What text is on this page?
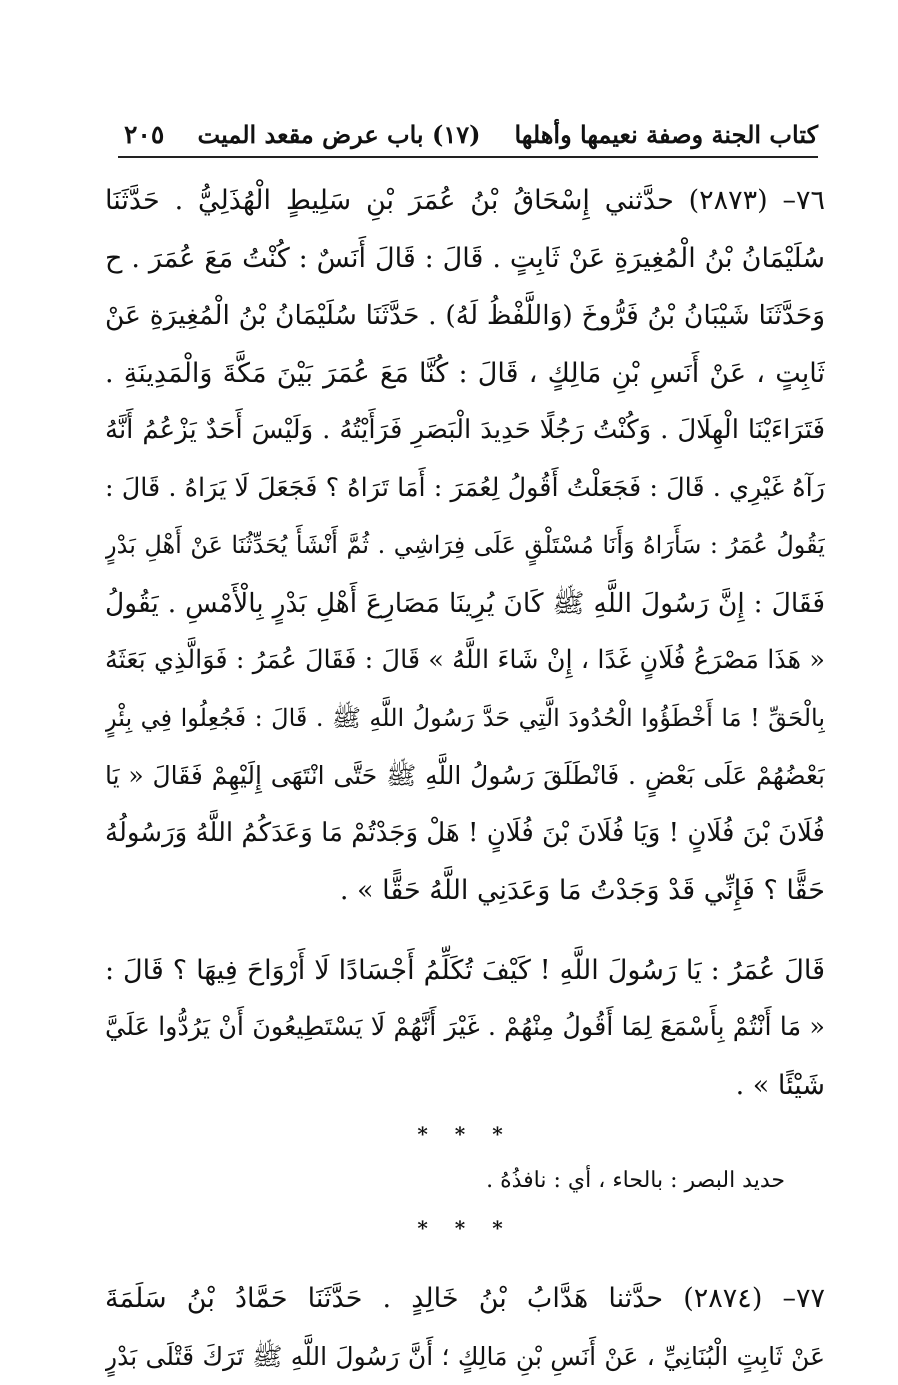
كتاب الجنة وصفة نعيمها وأهلها
(١٧) باب عرض مقعد الميت
٢٠٥
٧٦– (٢٨٧٣) حدَّثني إِسْحَاقُ بْنُ عُمَرَ بْنِ سَلِيطٍ الْهُذَلِيُّ . حَدَّثَنَا
سُلَيْمَانُ بْنُ الْمُغِيرَةِ عَنْ ثَابِتٍ . قَالَ : قَالَ أَنَسٌ : كُنْتُ مَعَ عُمَرَ . ح
وَحَدَّثَنَا شَيْبَانُ بْنُ فَرُّوخَ (وَاللَّفْظُ لَهُ) . حَدَّثَنَا سُلَيْمَانُ بْنُ الْمُغِيرَةِ عَنْ
ثَابِتٍ ، عَنْ أَنَسِ بْنِ مَالِكٍ ، قَالَ : كُنَّا مَعَ عُمَرَ بَيْنَ مَكَّةَ وَالْمَدِينَةِ .
فَتَرَاءَيْنَا الْهِلَالَ . وَكُنْتُ رَجُلًا حَدِيدَ الْبَصَرِ فَرَأَيْتُهُ . وَلَيْسَ أَحَدٌ يَزْعُمُ أَنَّهُ
رَآهُ غَيْرِي . قَالَ : فَجَعَلْتُ أَقُولُ لِعُمَرَ : أَمَا تَرَاهُ ؟ فَجَعَلَ لَا يَرَاهُ . قَالَ :
يَقُولُ عُمَرُ : سَأَرَاهُ وَأَنَا مُسْتَلْقٍ عَلَى فِرَاشِي . ثُمَّ أَنْشَأَ يُحَدِّثُنَا عَنْ أَهْلِ بَدْرٍ
فَقَالَ : إِنَّ رَسُولَ اللَّهِ ﷺ كَانَ يُرِينَا مَصَارِعَ أَهْلِ بَدْرٍ بِالْأَمْسِ . يَقُولُ
« هَذَا مَصْرَعُ فُلَانٍ غَدًا ، إِنْ شَاءَ اللَّهُ » قَالَ : فَقَالَ عُمَرُ : فَوَالَّذِي بَعَثَهُ
بِالْحَقِّ ! مَا أَخْطَؤُوا الْحُدُودَ الَّتِي حَدَّ رَسُولُ اللَّهِ ﷺ . قَالَ : فَجُعِلُوا فِي بِئْرٍ
بَعْضُهُمْ عَلَى بَعْضٍ . فَانْطَلَقَ رَسُولُ اللَّهِ ﷺ حَتَّى انْتَهَى إِلَيْهِمْ فَقَالَ « يَا
فُلَانَ بْنَ فُلَانٍ ! وَيَا فُلَانَ بْنَ فُلَانٍ ! هَلْ وَجَدْتُمْ مَا وَعَدَكُمُ اللَّهُ وَرَسُولُهُ
حَقًّا ؟ فَإِنِّي قَدْ وَجَدْتُ مَا وَعَدَنِي اللَّهُ حَقًّا » .
قَالَ عُمَرُ : يَا رَسُولَ اللَّهِ ! كَيْفَ تُكَلِّمُ أَجْسَادًا لَا أَرْوَاحَ فِيهَا ؟ قَالَ :
« مَا أَنْتُمْ بِأَسْمَعَ لِمَا أَقُولُ مِنْهُمْ . غَيْرَ أَنَّهُمْ لَا يَسْتَطِيعُونَ أَنْ يَرُدُّوا عَلَيَّ
شَيْئًا » .
* * *
حديد البصر : بالحاء ، أي : نافذُهُ .
* * *
٧٧– (٢٨٧٤) حدَّثنا هَدَّابُ بْنُ خَالِدٍ . حَدَّثَنَا حَمَّادُ بْنُ سَلَمَةَ
عَنْ ثَابِتٍ الْبُنَانِيِّ ، عَنْ أَنَسِ بْنِ مَالِكٍ ؛ أَنَّ رَسُولَ اللَّهِ ﷺ تَرَكَ قَتْلَى بَدْرٍ
